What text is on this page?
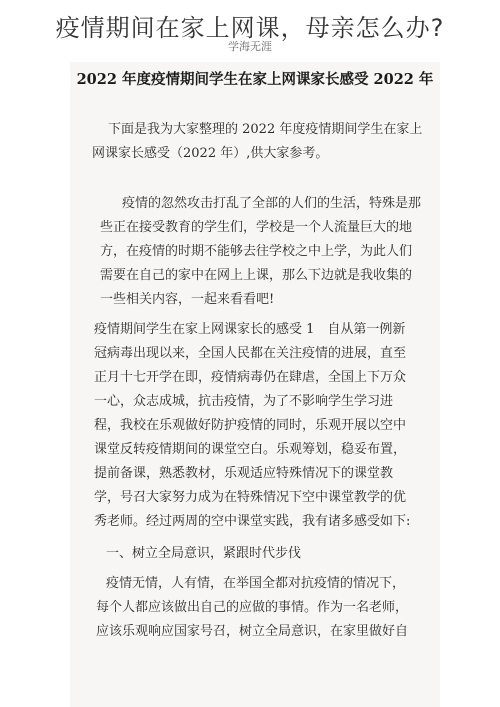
疫情期间在家上网课，母亲怎么办?
学海无涯
2022 年度疫情期间学生在家上网课家长感受 2022 年
下面是我为大家整理的 2022 年度疫情期间学生在家上
网课家长感受（2022 年）,供大家参考。
疫情的忽然攻击打乱了全部的人们的生活，特殊是那
些正在接受教育的学生们，学校是一个人流量巨大的地
方，在疫情的时期不能够去往学校之中上学，为此人们
需要在自己的家中在网上上课，那么下边就是我收集的
一些相关内容，一起来看看吧!
疫情期间学生在家上网课家长的感受 1　自从第一例新
冠病毒出现以来，全国人民都在关注疫情的进展，直至
正月十七开学在即，疫情病毒仍在肆虐，全国上下万众
一心，众志成城，抗击疫情，为了不影响学生学习进
程，我校在乐观做好防护疫情的同时，乐观开展以空中
课堂反转疫情期间的课堂空白。乐观筹划，稳妥布置，
提前备课，熟悉教材，乐观适应特殊情况下的课堂教
学，号召大家努力成为在特殊情况下空中课堂教学的优
秀老师。经过两周的空中课堂实践，我有诸多感受如下:
一、树立全局意识，紧跟时代步伐
疫情无情，人有情，在举国全都对抗疫情的情况下，
每个人都应该做出自己的应做的事情。作为一名老师，
应该乐观响应国家号召，树立全局意识，在家里做好自
